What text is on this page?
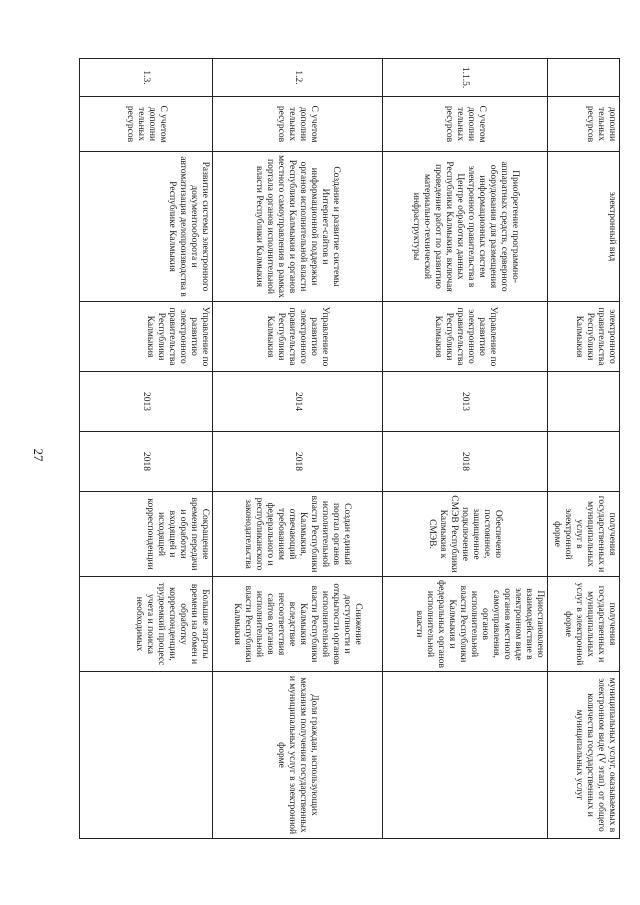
27
	дополни тельных ресурсов	электронный вид	электронного правительства Республики Калмыкия			получения государственных и муниципальных услуг в электронной форме	получения государственных и муниципальных услуг в электронной форме	муниципальных услуг, оказываемых в электронном виде (V этап), от общего количества государственных и муниципальных услуг
1.1.5.	С учетом дополни тельных ресурсов	Приобретение программно-аппаратных средств, серверного оборудования для размещения информационных систем электронного правительства в Центре обработки данных Республики Калмыкия, включая проведение работ по развитию материально-технической инфраструктуры	Управление по развитию электронного правительства Республики Калмыкия	2013	2018	Обеспечено постоянное, защищенное подключение СМЭВ Республики Калмыкия к СМЭВ.	Приостановлено взаимодействие в электронном виде органов местного самоуправления, органов исполнительной власти Республики Калмыкия и федеральных органов исполнительной власти	
1.2.	С учетом дополни тельных ресурсов	Создание и развитие системы Интернет-сайтов и информационной поддержки органов исполнительной власти Республики Калмыкия и органов местного самоуправления в рамках портала органов исполнительной власти Республики Калмыкия	Управление по развитию электронного правительства Республики Калмыкия	2014	2018	Создан единый портал органов исполнительной власти Республики Калмыкия, отвечающий требованиям федерального и республиканского законодательства	Снижение доступности и открытости органов исполнительной власти Республики Калмыкия вследствие несоответствия сайтов органов исполнительной власти Республики Калмыкия	Доля граждан, использующих механизм получения государственных и муниципальных услуг в электронной форме
1.3.	С учетом дополни тельных ресурсов	Развитие системы электронного документооборота и автоматизация делопроизводства в Республике Калмыкия	Управление по развитию электронного правительства Республики Калмыкия	2013	2018	Сокращение времени передачи и обработки входящей и исходящей корреспонденции	Большие затраты времени на обмен и обработку корреспонденции, трудоемкий процесс учета и поиска необходимых	
